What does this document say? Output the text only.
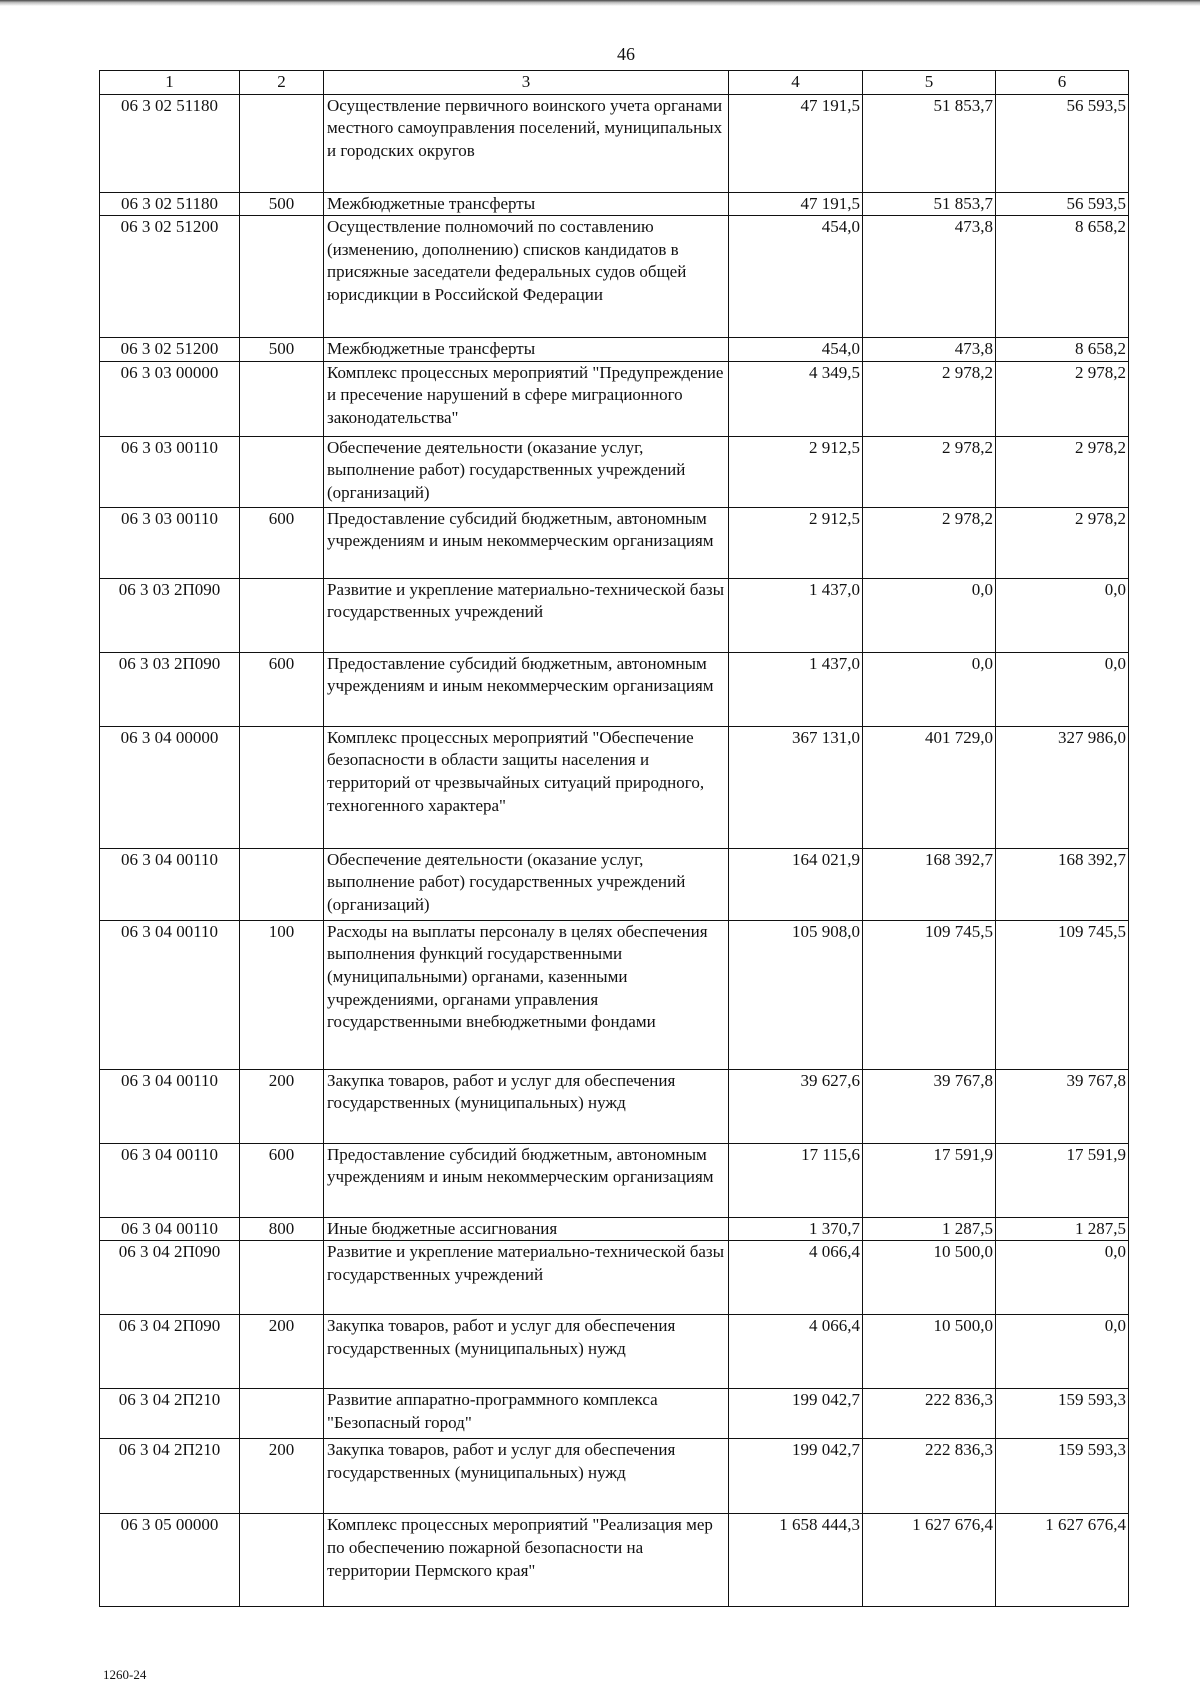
46
1	2	3	4	5	6
06 3 02 51180		Осуществление первичного воинского учета органами местного самоуправления поселений, муниципальных и городских округов	47 191,5	51 853,7	56 593,5
06 3 02 51180	500	Межбюджетные трансферты	47 191,5	51 853,7	56 593,5
06 3 02 51200		Осуществление полномочий по составлению (изменению, дополнению) списков кандидатов в присяжные заседатели федеральных судов общей юрисдикции в Российской Федерации	454,0	473,8	8 658,2
06 3 02 51200	500	Межбюджетные трансферты	454,0	473,8	8 658,2
06 3 03 00000		Комплекс процессных мероприятий "Предупреждение и пресечение нарушений в сфере миграционного законодательства"	4 349,5	2 978,2	2 978,2
06 3 03 00110		Обеспечение деятельности (оказание услуг, выполнение работ) государственных учреждений (организаций)	2 912,5	2 978,2	2 978,2
06 3 03 00110	600	Предоставление субсидий бюджетным, автономным учреждениям и иным некоммерческим организациям	2 912,5	2 978,2	2 978,2
06 3 03 2П090		Развитие и укрепление материально-технической базы государственных учреждений	1 437,0	0,0	0,0
06 3 03 2П090	600	Предоставление субсидий бюджетным, автономным учреждениям и иным некоммерческим организациям	1 437,0	0,0	0,0
06 3 04 00000		Комплекс процессных мероприятий "Обеспечение безопасности в области защиты населения и территорий от чрезвычайных ситуаций природного, техногенного характера"	367 131,0	401 729,0	327 986,0
06 3 04 00110		Обеспечение деятельности (оказание услуг, выполнение работ) государственных учреждений (организаций)	164 021,9	168 392,7	168 392,7
06 3 04 00110	100	Расходы на выплаты персоналу в целях обеспечения выполнения функций государственными (муниципальными) органами, казенными учреждениями, органами управления государственными внебюджетными фондами	105 908,0	109 745,5	109 745,5
06 3 04 00110	200	Закупка товаров, работ и услуг для обеспечения государственных (муниципальных) нужд	39 627,6	39 767,8	39 767,8
06 3 04 00110	600	Предоставление субсидий бюджетным, автономным учреждениям и иным некоммерческим организациям	17 115,6	17 591,9	17 591,9
06 3 04 00110	800	Иные бюджетные ассигнования	1 370,7	1 287,5	1 287,5
06 3 04 2П090		Развитие и укрепление материально-технической базы государственных учреждений	4 066,4	10 500,0	0,0
06 3 04 2П090	200	Закупка товаров, работ и услуг для обеспечения государственных (муниципальных) нужд	4 066,4	10 500,0	0,0
06 3 04 2П210		Развитие аппаратно-программного комплекса "Безопасный город"	199 042,7	222 836,3	159 593,3
06 3 04 2П210	200	Закупка товаров, работ и услуг для обеспечения государственных (муниципальных) нужд	199 042,7	222 836,3	159 593,3
06 3 05 00000		Комплекс процессных мероприятий "Реализация мер по обеспечению пожарной безопасности на территории Пермского края"	1 658 444,3	1 627 676,4	1 627 676,4
1260-24
